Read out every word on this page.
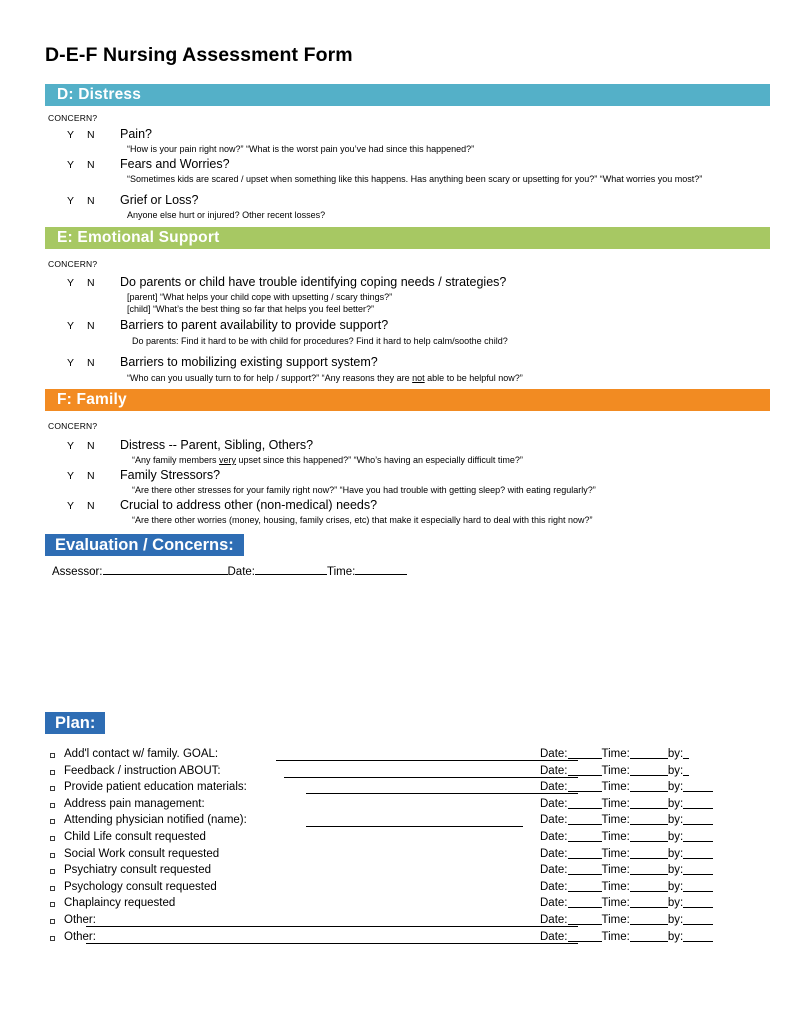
D-E-F Nursing Assessment Form
D: Distress
CONCERN?
Y N Pain?
“How is your pain right now?” “What is the worst pain you’ve had since this happened?”
Y N Fears and Worries?
“Sometimes kids are scared / upset when something like this happens. Has anything been scary or upsetting for you?” “What worries you most?”
Y N Grief or Loss?
Anyone else hurt or injured? Other recent losses?
E: Emotional Support
CONCERN?
Y N Do parents or child have trouble identifying coping needs / strategies?
[parent] “What helps your child cope with upsetting / scary things?”
[child] “What’s the best thing so far that helps you feel better?”
Y N Barriers to parent availability to provide support?
Do parents: Find it hard to be with child for procedures? Find it hard to help calm/soothe child?
Y N Barriers to mobilizing existing support system?
“Who can you usually turn to for help / support?” “Any reasons they are not able to be helpful now?”
F: Family
CONCERN?
Y N Distress -- Parent, Sibling, Others?
“Any family members very upset since this happened?” “Who’s having an especially difficult time?”
Y N Family Stressors?
“Are there other stresses for your family right now?” “Have you had trouble with getting sleep? with eating regularly?”
Y N Crucial to address other (non-medical) needs?
“Are there other worries (money, housing, family crises, etc) that make it especially hard to deal with this right now?”
Evaluation / Concerns:
Assessor:	Date:	Time:
Plan:
Add'l contact w/ family. GOAL:	Date:	Time:	by:
Feedback / instruction ABOUT:	Date:	Time:	by:
Provide patient education materials:	Date:	Time:	by:
Address pain management:	Date:	Time:	by:
Attending physician notified (name):	Date:	Time:	by:
Child Life consult requested	Date:	Time:	by:
Social Work consult requested	Date:	Time:	by:
Psychiatry consult requested	Date:	Time:	by:
Psychology consult requested	Date:	Time:	by:
Chaplaincy requested	Date:	Time:	by:
Other:	Date:	Time:	by:
Other:	Date:	Time:	by:
